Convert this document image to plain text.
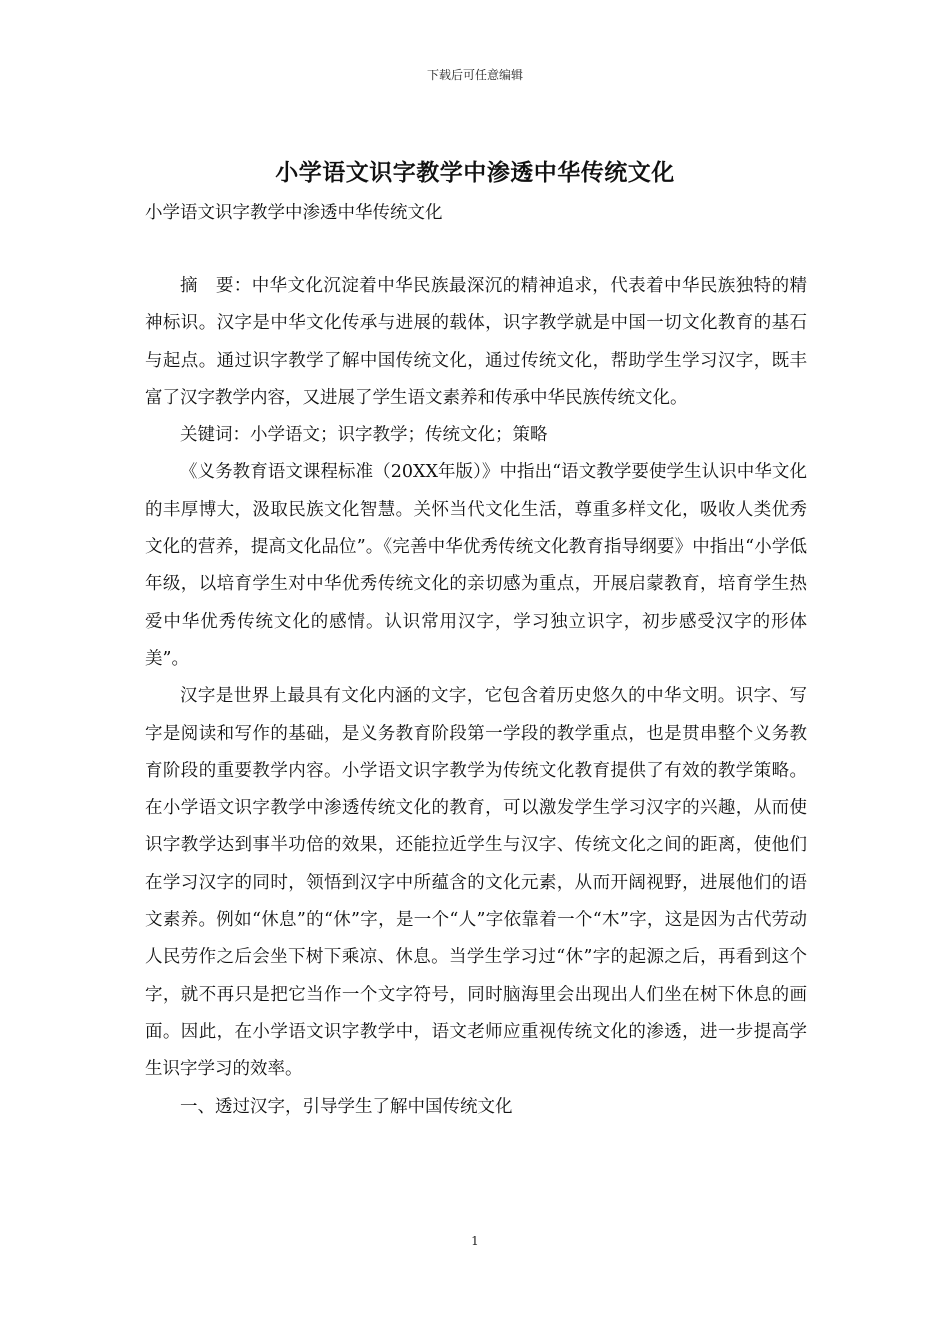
下载后可任意编辑
小学语文识字教学中渗透中华传统文化
小学语文识字教学中渗透中华传统文化

摘　要：中华文化沉淀着中华民族最深沉的精神追求，代表着中华民族独特的精神标识。汉字是中华文化传承与进展的载体，识字教学就是中国一切文化教育的基石与起点。通过识字教学了解中国传统文化，通过传统文化，帮助学生学习汉字，既丰富了汉字教学内容，又进展了学生语文素养和传承中华民族传统文化。

关键词：小学语文；识字教学；传统文化；策略

《义务教育语文课程标准（20XX年版）》中指出“语文教学要使学生认识中华文化的丰厚博大，汲取民族文化智慧。关怀当代文化生活，尊重多样文化，吸收人类优秀文化的营养，提高文化品位”。《完善中华优秀传统文化教育指导纲要》中指出“小学低年级，以培育学生对中华优秀传统文化的亲切感为重点，开展启蒙教育，培育学生热爱中华优秀传统文化的感情。认识常用汉字，学习独立识字，初步感受汉字的形体美”。

汉字是世界上最具有文化内涵的文字，它包含着历史悠久的中华文明。识字、写字是阅读和写作的基础，是义务教育阶段第一学段的教学重点，也是贯串整个义务教育阶段的重要教学内容。小学语文识字教学为传统文化教育提供了有效的教学策略。在小学语文识字教学中渗透传统文化的教育，可以激发学生学习汉字的兴趣，从而使识字教学达到事半功倍的效果，还能拉近学生与汉字、传统文化之间的距离，使他们在学习汉字的同时，领悟到汉字中所蕴含的文化元素，从而开阔视野，进展他们的语文素养。例如“休息”的“休”字，是一个“人”字依靠着一个“木”字，这是因为古代劳动人民劳作之后会坐下树下乘凉、休息。当学生学习过“休”字的起源之后，再看到这个字，就不再只是把它当作一个文字符号，同时脑海里会出现出人们坐在树下休息的画面。因此，在小学语文识字教学中，语文老师应重视传统文化的渗透，进一步提高学生识字学习的效率。

一、透过汉字，引导学生了解中国传统文化

1
